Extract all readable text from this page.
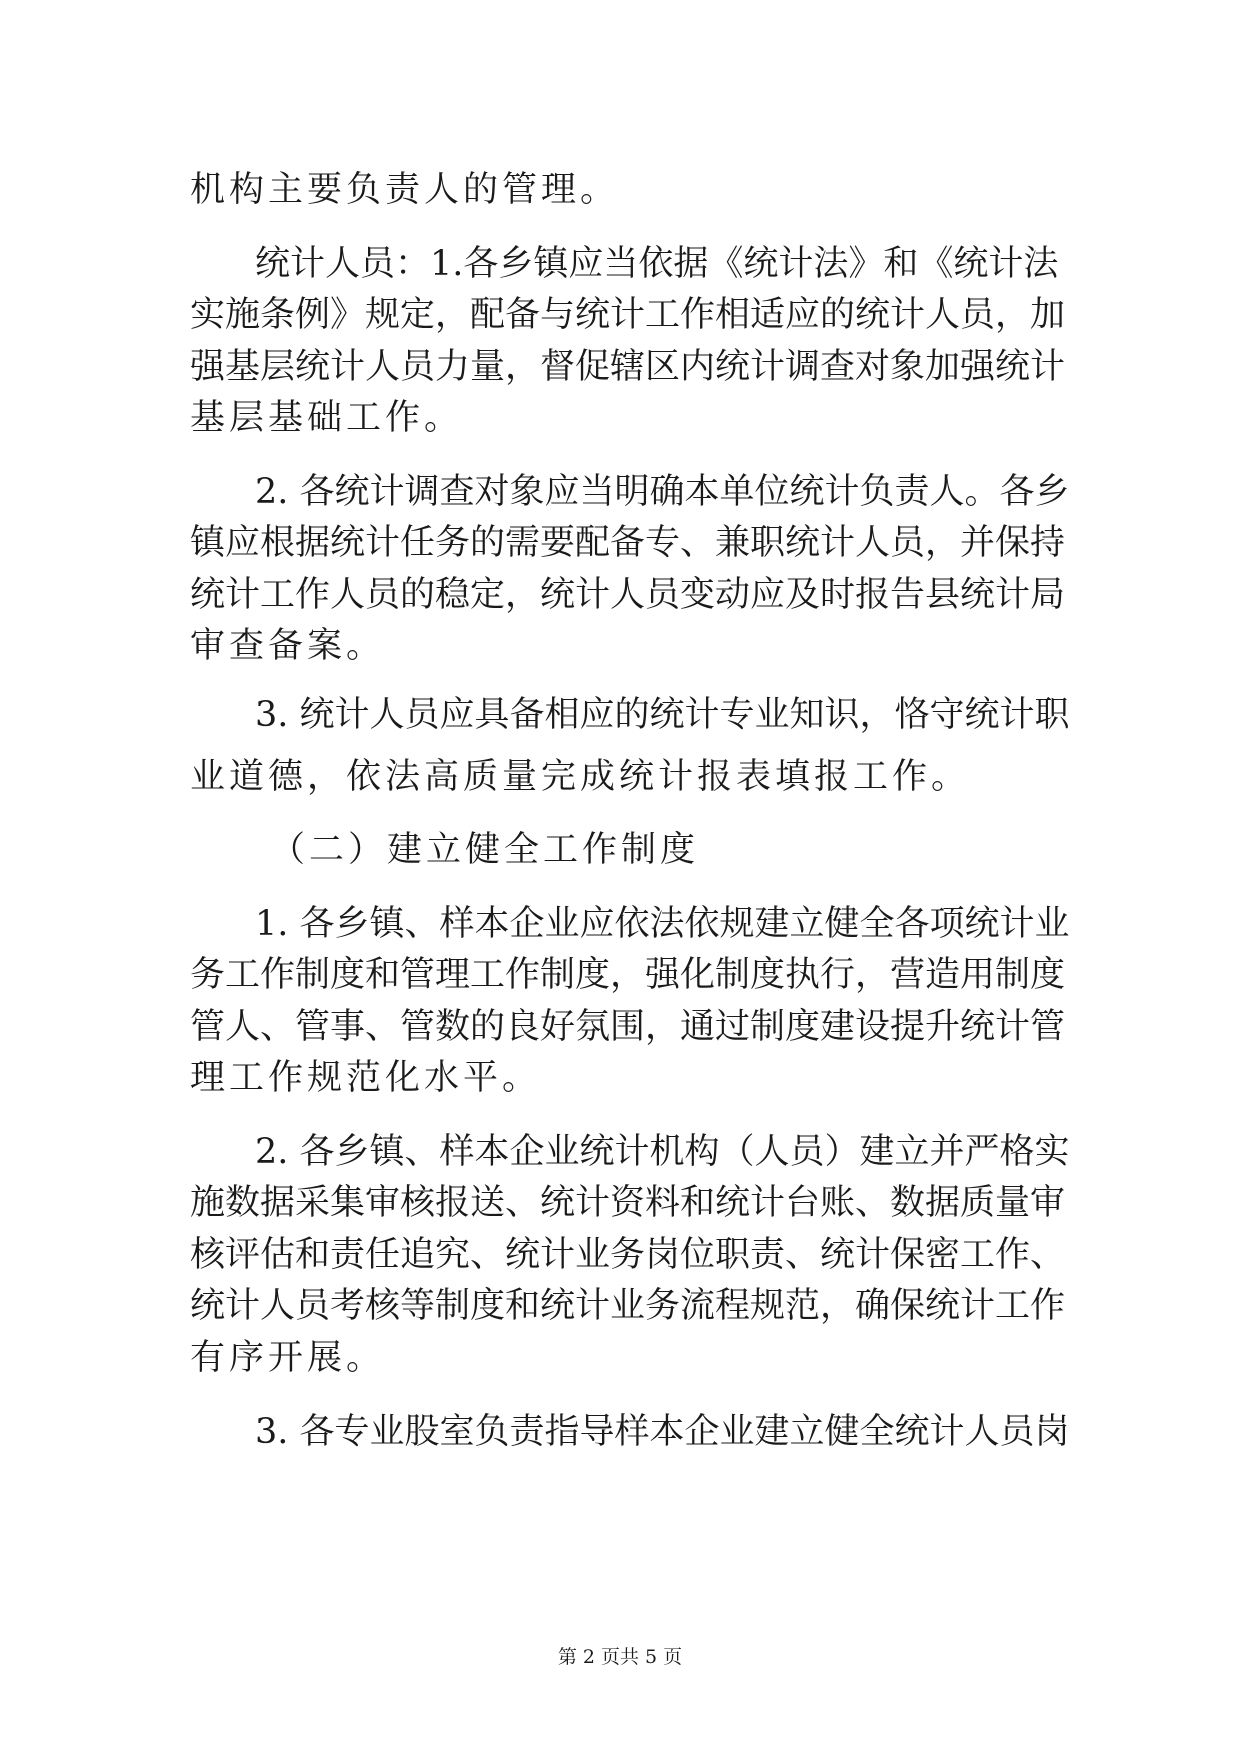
机构主要负责人的管理。
统计人员：1.各乡镇应当依据《统计法》和《统计法
实施条例》规定，配备与统计工作相适应的统计人员，加
强基层统计人员力量，督促辖区内统计调查对象加强统计
基层基础工作。
2. 各统计调查对象应当明确本单位统计负责人。各乡
镇应根据统计任务的需要配备专、兼职统计人员，并保持
统计工作人员的稳定，统计人员变动应及时报告县统计局
审查备案。
3. 统计人员应具备相应的统计专业知识，恪守统计职
业道德，依法高质量完成统计报表填报工作。
（二）建立健全工作制度
1. 各乡镇、样本企业应依法依规建立健全各项统计业
务工作制度和管理工作制度，强化制度执行，营造用制度
管人、管事、管数的良好氛围，通过制度建设提升统计管
理工作规范化水平。
2. 各乡镇、样本企业统计机构（人员）建立并严格实
施数据采集审核报送、统计资料和统计台账、数据质量审
核评估和责任追究、统计业务岗位职责、统计保密工作、
统计人员考核等制度和统计业务流程规范，确保统计工作
有序开展。
3. 各专业股室负责指导样本企业建立健全统计人员岗
第 2 页共 5 页
